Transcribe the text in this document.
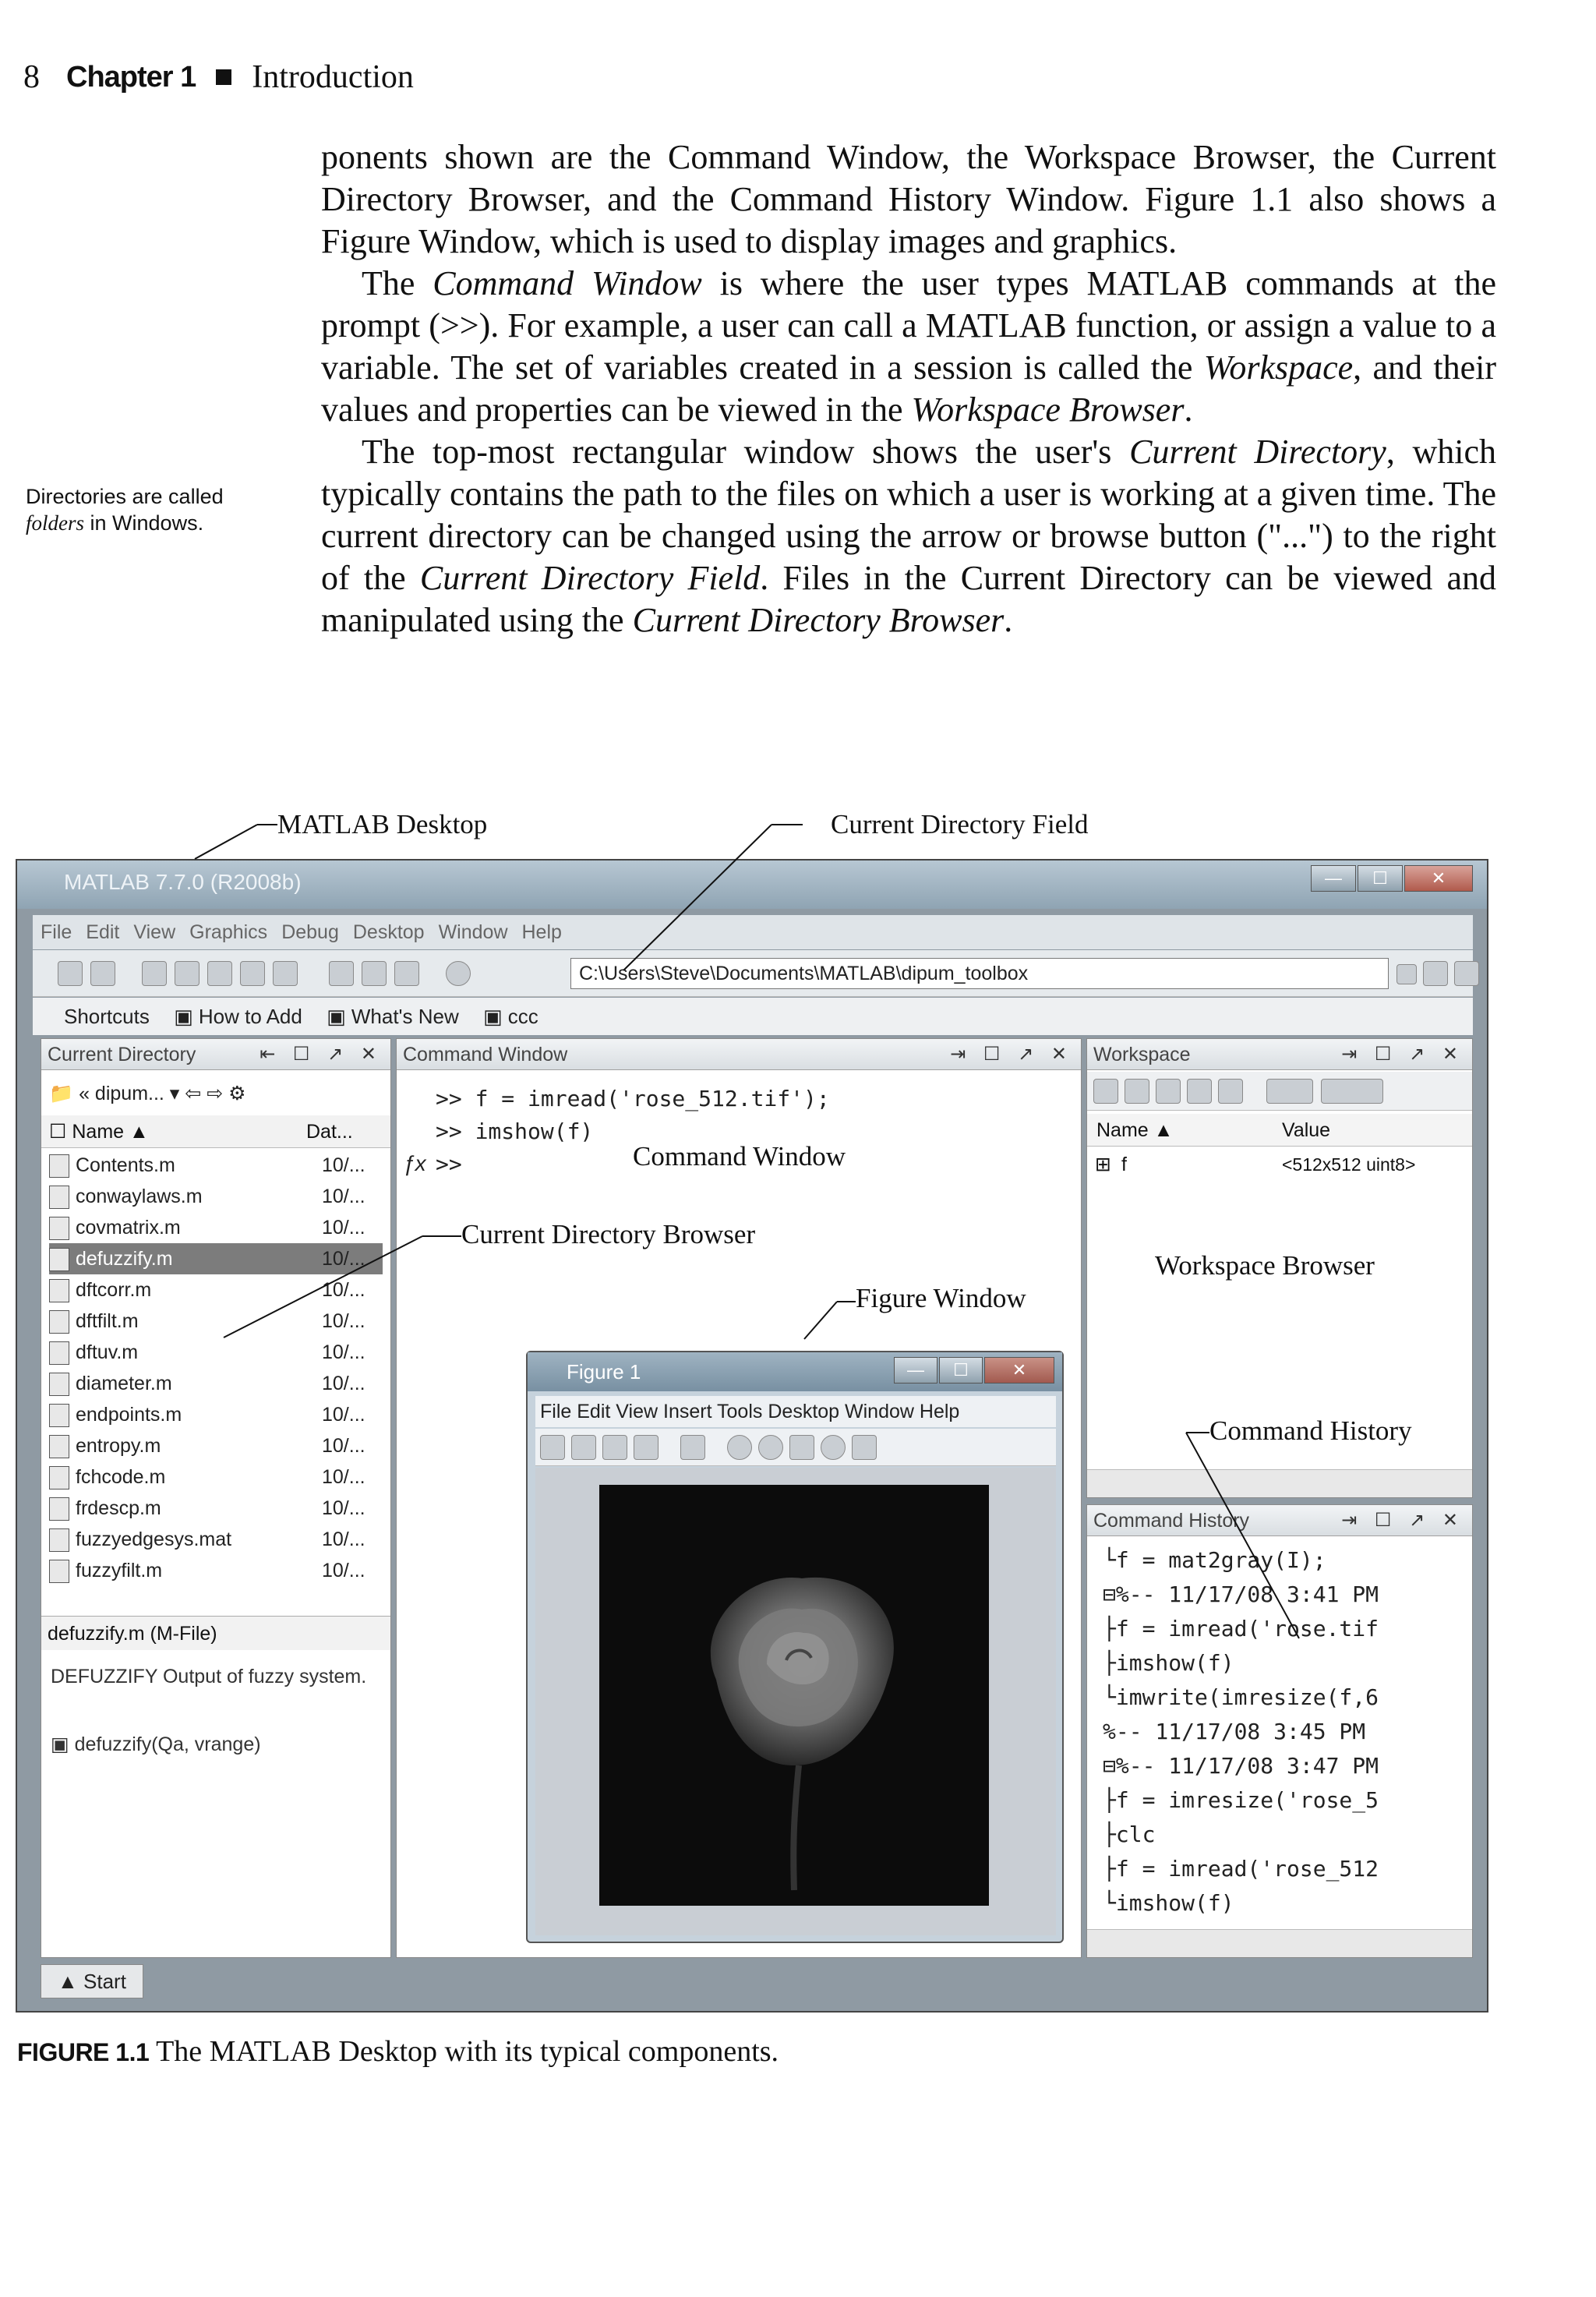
8 Chapter 1 Introduction

ponents shown are the Command Window, the Workspace Browser, the Current Directory Browser, and the Command History Window. Figure 1.1 also shows a Figure Window, which is used to display images and graphics.

The Command Window is where the user types MATLAB commands at the prompt (>>). For example, a user can call a MATLAB function, or assign a value to a variable. The set of variables created in a session is called the Workspace, and their values and properties can be viewed in the Workspace Browser.

The top-most rectangular window shows the user's Current Directory, which typically contains the path to the files on which a user is working at a given time. The current directory can be changed using the arrow or browse button ("...") to the right of the Current Directory Field. Files in the Current Directory can be viewed and manipulated using the Current Directory Browser.

Directories are called folders in Windows.
MATLAB Desktop	Current Directory Field
MATLAB 7.7.0 (R2008b)	—	☐	✕
File Edit View Graphics Debug Desktop Window Help
C:\Users\Steve\Documents\MATLAB\dipum_toolbox
Shortcuts ▣ How to Add ▣ What's New ▣ ccc
Current Directory	⇤ ☐ ↗ ✕
📁 « dipum... ▾ ⇦ ⇨ ⚙
☐ Name ▲	Dat...
Contents.m	10/...
conwaylaws.m	10/...
covmatrix.m	10/...
defuzzify.m	10/...
dftcorr.m	10/...
dftfilt.m	10/...
dftuv.m	10/...
diameter.m	10/...
endpoints.m	10/...
entropy.m	10/...
fchcode.m	10/...
frdescp.m	10/...
fuzzyedgesys.mat	10/...
fuzzyfilt.m	10/...
defuzzify.m (M-File)
DEFUZZIFY Output of fuzzy system.
▣ defuzzify(Qa, vrange)
Command Window	⇥ ☐ ↗ ✕
>> f = imread('rose_512.tif');
>> imshow(f)
>>
ƒx
Figure 1	—	☐	✕
File Edit View Insert Tools Desktop Window Help
Workspace	⇥ ☐ ↗ ✕
Name ▲	Value
⊞ f	<512x512 uint8>
Command History	⇥ ☐ ↗ ✕
└f = mat2gray(I);
⊟%-- 11/17/08 3:41 PM
├f = imread('rose.tif
├imshow(f)
└imwrite(imresize(f,6
%-- 11/17/08 3:45 PM
⊟%-- 11/17/08 3:47 PM
├f = imresize('rose_5
├clc
├f = imread('rose_512
└imshow(f)
▲ Start
Command Window
Current Directory Browser
Figure Window
Workspace Browser
Command History
FIGURE 1.1 The MATLAB Desktop with its typical components.
